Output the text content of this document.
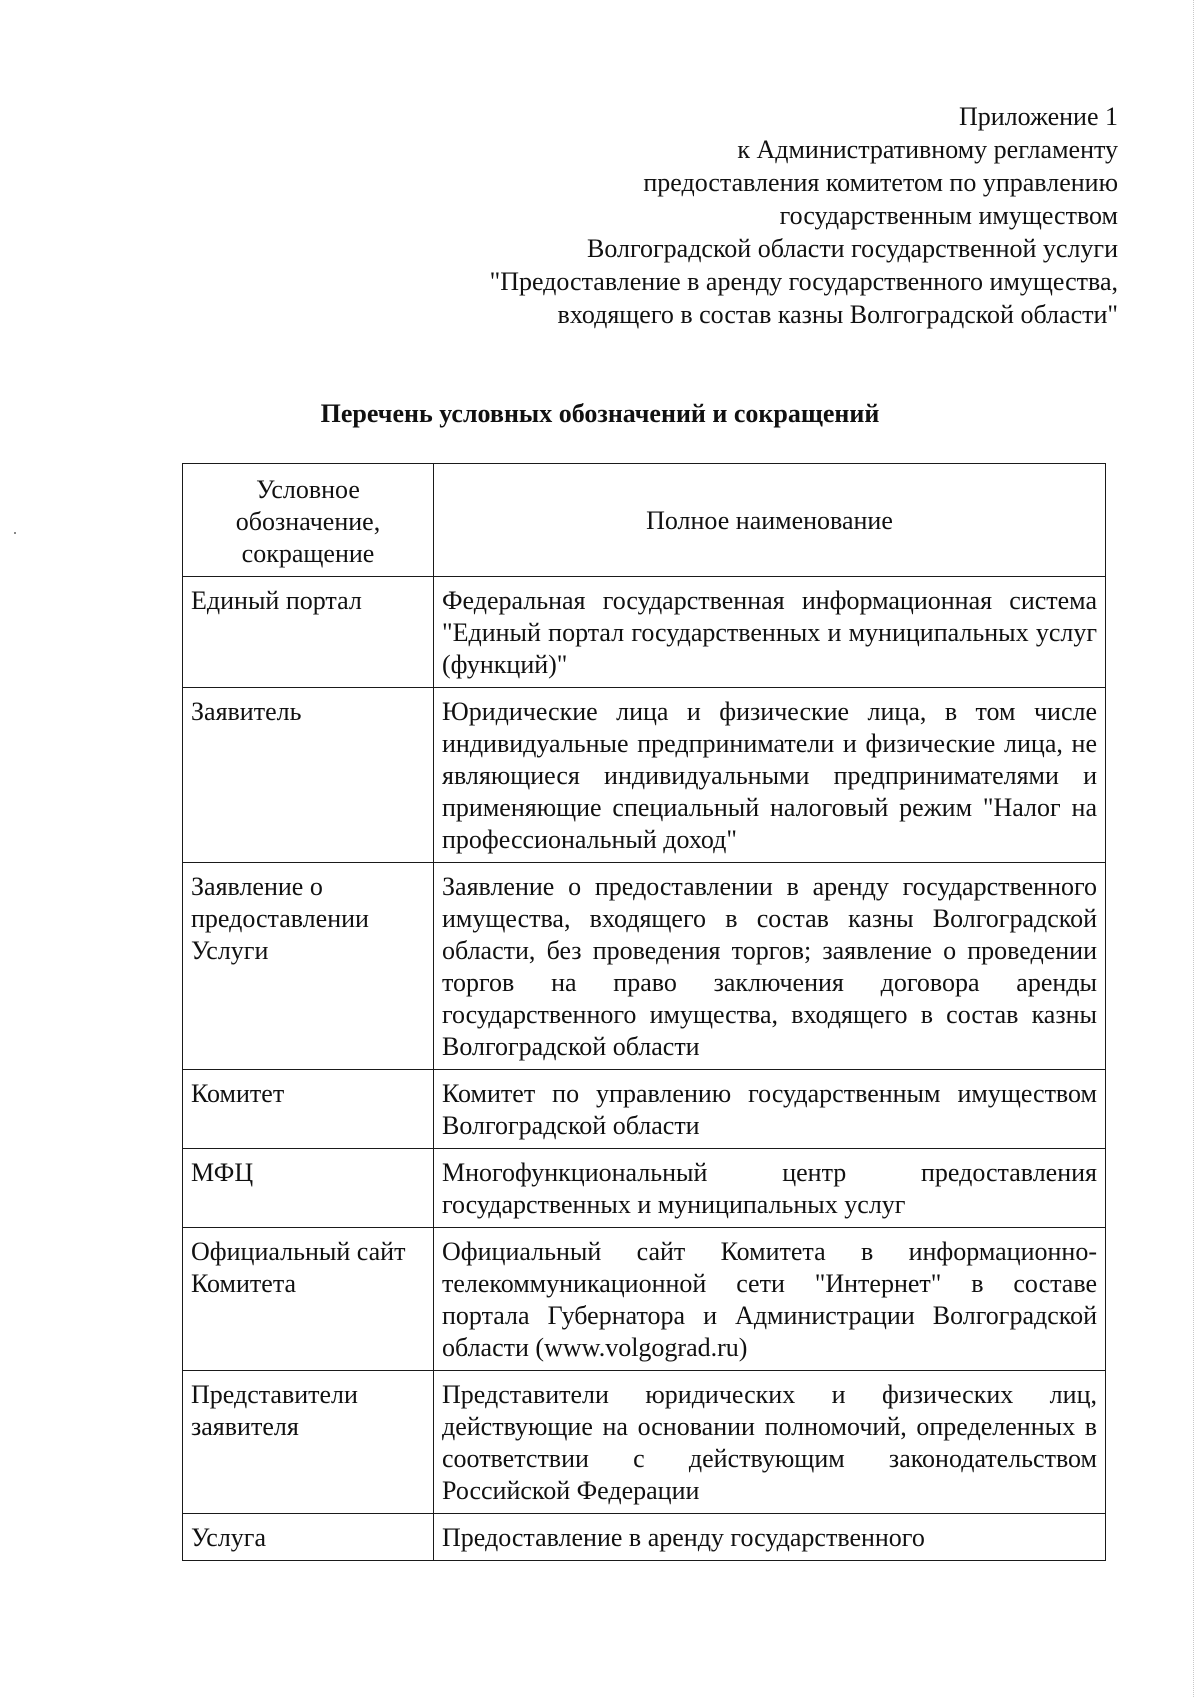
Приложение 1
к Административному регламенту
предоставления комитетом по управлению
государственным имуществом
Волгоградской области государственной услуги
"Предоставление в аренду государственного имущества,
входящего в состав казны Волгоградской области"
Перечень условных обозначений и сокращений
Условное обозначение, сокращение	Полное наименование
Единый портал	Федеральная государственная информационная система "Единый портал государственных и муниципальных услуг (функций)"
Заявитель	Юридические лица и физические лица, в том числе индивидуальные предприниматели и физические лица, не являющиеся индивидуальными предпринимателями и применяющие специальный налоговый режим "Налог на профессиональный доход"
Заявление о предоставлении Услуги	Заявление о предоставлении в аренду государственного имущества, входящего в состав казны Волгоградской области, без проведения торгов; заявление о проведении торгов на право заключения договора аренды государственного имущества, входящего в состав казны Волгоградской области
Комитет	Комитет по управлению государственным имуществом Волгоградской области
МФЦ	Многофункциональный центр предоставления государственных и муниципальных услуг
Официальный сайт Комитета	Официальный сайт Комитета в информационно-телекоммуникационной сети "Интернет" в составе портала Губернатора и Администрации Волгоградской области (www.volgograd.ru)
Представители заявителя	Представители юридических и физических лиц, действующие на основании полномочий, определенных в соответствии с действующим законодательством Российской Федерации
Услуга	Предоставление в аренду государственного
